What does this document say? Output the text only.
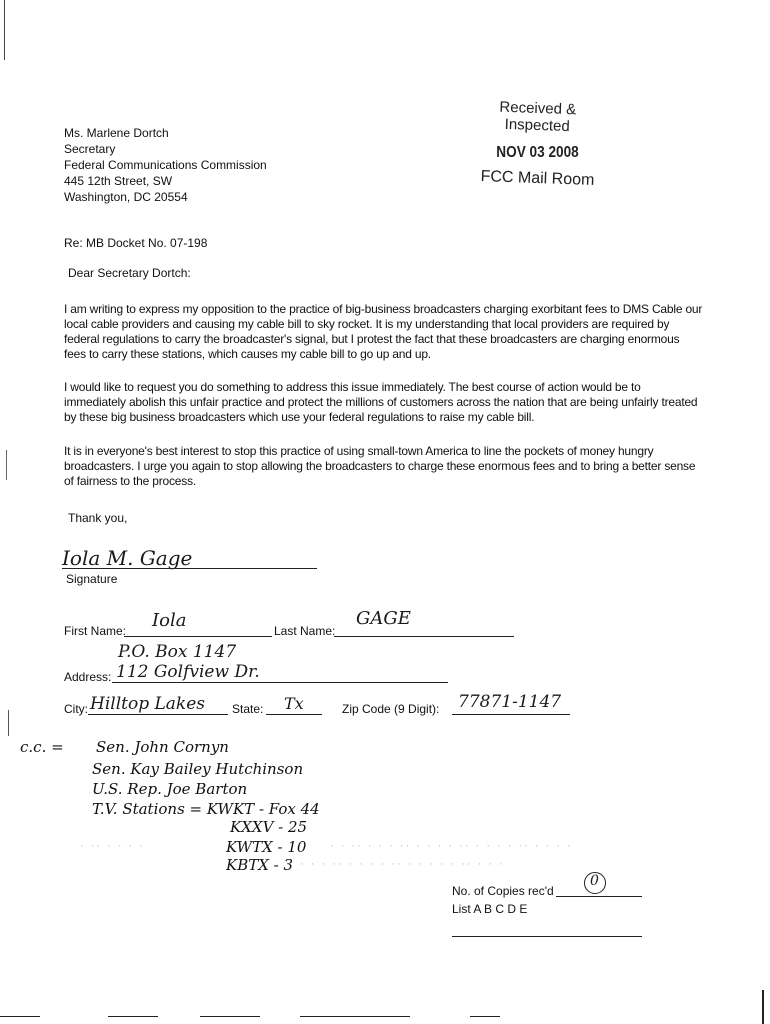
Ms. Marlene Dortch
Secretary
Federal Communications Commission
445 12th Street, SW
Washington, DC 20554
Received & Inspected
NOV 03 2008
FCC Mail Room
Re: MB Docket No. 07-198
Dear Secretary Dortch:
I am writing to express my opposition to the practice of big-business broadcasters charging exorbitant fees to DMS Cable our local cable providers and causing my cable bill to sky rocket. It is my understanding that local providers are required by federal regulations to carry the broadcaster's signal, but I protest the fact that these broadcasters are charging enormous fees to carry these stations, which causes my cable bill to go up and up.
I would like to request you do something to address this issue immediately. The best course of action would be to immediately abolish this unfair practice and protect the millions of customers across the nation that are being unfairly treated by these big business broadcasters which use your federal regulations to raise my cable bill.
It is in everyone's best interest to stop this practice of using small-town America to line the pockets of money hungry broadcasters. I urge you again to stop allowing the broadcasters to charge these enormous fees and to bring a better sense of fairness to the process.
Thank you,
Iola M. Gage
Signature
First Name: Iola	Last Name:
GAGE
P.O. Box 1147
Address: 112 Golfview Dr.
City: Hilltop Lakes State: Tx	Zip Code (9 Digit): 77871-1147
c.c. = Sen. John Cornyn
Sen. Kay Bailey Hutchinson
U.S. Rep. Joe Barton
T.V. Stations = KWKT - Fox 44
KXXV - 25
KWTX - 10
KBTX - 3
· ·· · · · ·	· · ·· · · · ·· · · · · ·· · · · · ·· · · · ·
· · · ·· · · · · ·· · · · · · ·· · · ·
No. of Copies rec'd
0
List A B C D E
